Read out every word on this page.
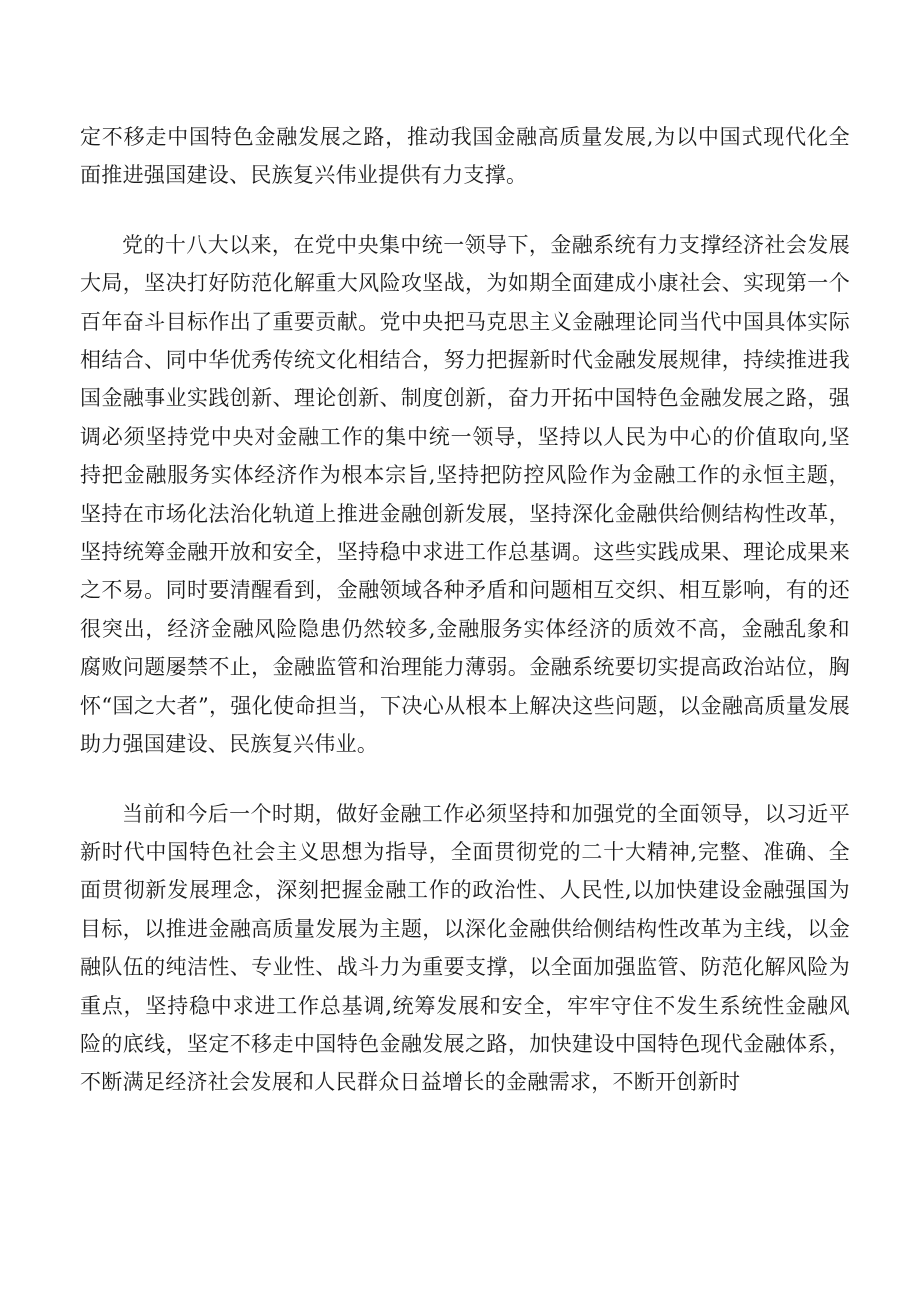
定不移走中国特色金融发展之路，推动我国金融高质量发展,为以中国式现代化全面推进强国建设、民族复兴伟业提供有力支撑。

党的十八大以来，在党中央集中统一领导下，金融系统有力支撑经济社会发展大局，坚决打好防范化解重大风险攻坚战，为如期全面建成小康社会、实现第一个百年奋斗目标作出了重要贡献。党中央把马克思主义金融理论同当代中国具体实际相结合、同中华优秀传统文化相结合，努力把握新时代金融发展规律，持续推进我国金融事业实践创新、理论创新、制度创新，奋力开拓中国特色金融发展之路，强调必须坚持党中央对金融工作的集中统一领导，坚持以人民为中心的价值取向,坚持把金融服务实体经济作为根本宗旨,坚持把防控风险作为金融工作的永恒主题，坚持在市场化法治化轨道上推进金融创新发展，坚持深化金融供给侧结构性改革，坚持统筹金融开放和安全，坚持稳中求进工作总基调。这些实践成果、理论成果来之不易。同时要清醒看到，金融领域各种矛盾和问题相互交织、相互影响，有的还很突出，经济金融风险隐患仍然较多,金融服务实体经济的质效不高，金融乱象和腐败问题屡禁不止，金融监管和治理能力薄弱。金融系统要切实提高政治站位，胸怀“国之大者”，强化使命担当，下决心从根本上解决这些问题，以金融高质量发展助力强国建设、民族复兴伟业。

当前和今后一个时期，做好金融工作必须坚持和加强党的全面领导，以习近平新时代中国特色社会主义思想为指导，全面贯彻党的二十大精神,完整、准确、全面贯彻新发展理念，深刻把握金融工作的政治性、人民性,以加快建设金融强国为目标，以推进金融高质量发展为主题，以深化金融供给侧结构性改革为主线，以金融队伍的纯洁性、专业性、战斗力为重要支撑，以全面加强监管、防范化解风险为重点，坚持稳中求进工作总基调,统筹发展和安全，牢牢守住不发生系统性金融风险的底线，坚定不移走中国特色金融发展之路，加快建设中国特色现代金融体系，不断满足经济社会发展和人民群众日益增长的金融需求，不断开创新时
